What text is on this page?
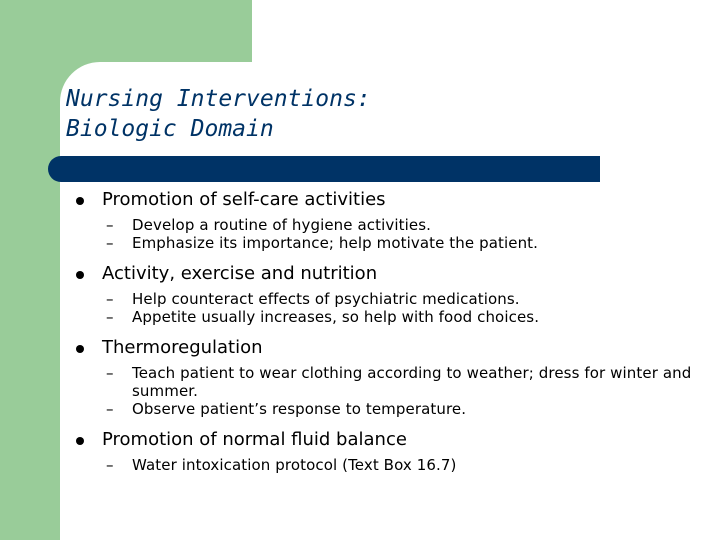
Nursing Interventions:
Biologic Domain
Promotion of self-care activities
– Develop a routine of hygiene activities.
– Emphasize its importance; help motivate the patient.
Activity, exercise and nutrition
– Help counteract effects of psychiatric medications.
– Appetite usually increases, so help with food choices.
Thermoregulation
– Teach patient to wear clothing according to weather; dress for winter and summer.
– Observe patient’s response to temperature.
Promotion of normal fluid balance
– Water intoxication protocol (Text Box 16.7)
